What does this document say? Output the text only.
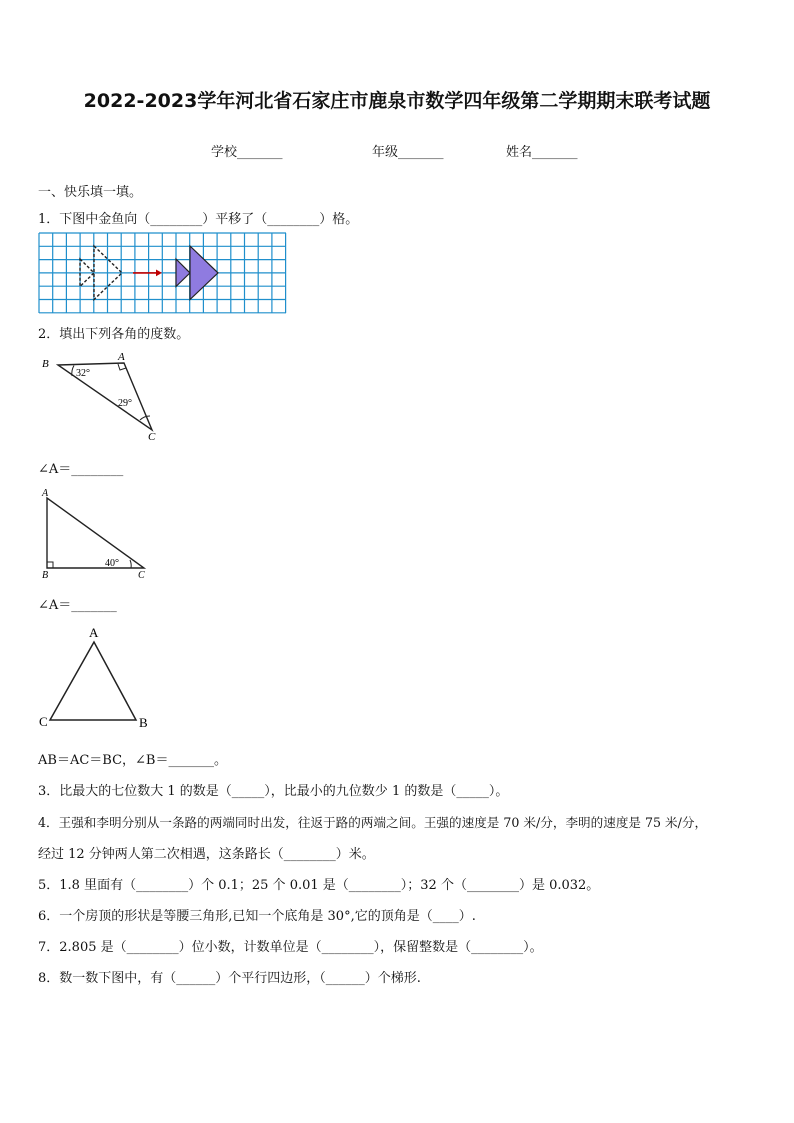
2022-2023学年河北省石家庄市鹿泉市数学四年级第二学期期末联考试题
学校_______	年级_______	姓名_______
一、快乐填一填。
1．下图中金鱼向（________）平移了（________）格。
2．填出下列各角的度数。
B
A
C
32°
29°
∠A＝________
A
B	C
40°
∠A＝_______
A
C	B
AB＝AC＝BC，∠B＝_______。
3．比最大的七位数大 1 的数是（_____），比最小的九位数少 1 的数是（_____）。
4．王强和李明分别从一条路的两端同时出发，往返于路的两端之间。王强的速度是 70 米/分，李明的速度是 75 米/分，
经过 12 分钟两人第二次相遇，这条路长（________）米。
5．1.8 里面有（________）个 0.1；25 个 0.01 是（________）；32 个（________）是 0.032。
6．一个房顶的形状是等腰三角形,已知一个底角是 30°,它的顶角是（____）.
7．2.805 是（________）位小数，计数单位是（________），保留整数是（________）。
8．数一数下图中，有（______）个平行四边形，（______）个梯形.
